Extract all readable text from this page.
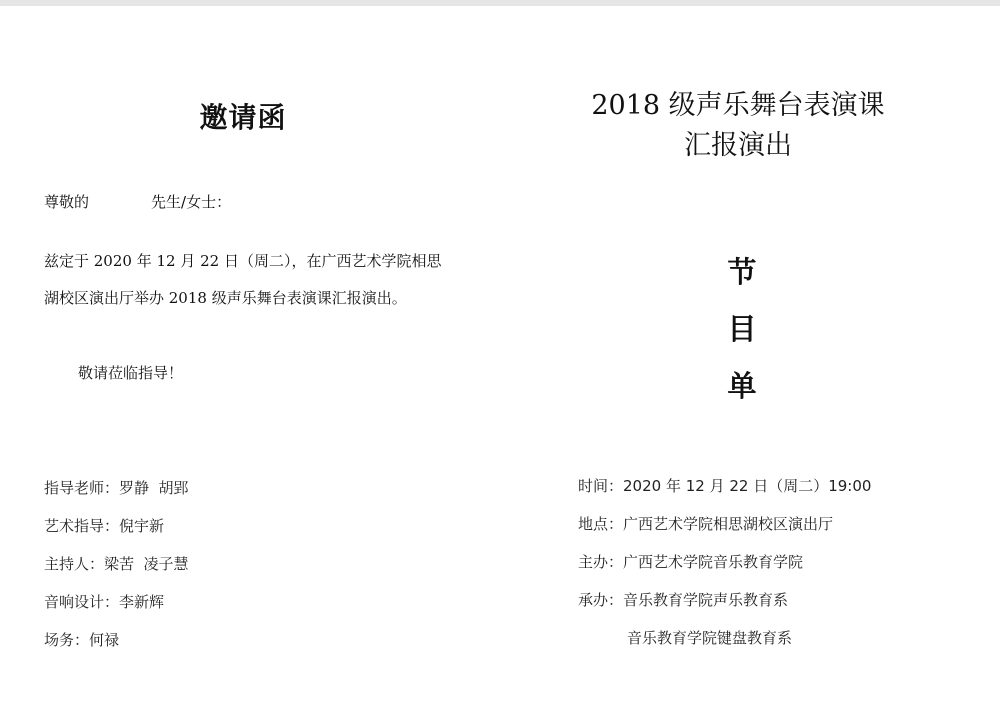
邀请函
尊敬的	先生/女士：
兹定于 2020 年 12 月 22 日（周二），在广西艺术学院相思湖校区演出厅举办 2018 级声乐舞台表演课汇报演出。
敬请莅临指导！
指导老师：罗静  胡郢
艺术指导：倪宇新
主持人：梁苦  凌子慧
音响设计：李新辉
场务：何禄
2018 级声乐舞台表演课
汇报演出
节
目
单
时间：2020 年 12 月 22 日（周二）19:00
地点：广西艺术学院相思湖校区演出厅
主办：广西艺术学院音乐教育学院
承办：音乐教育学院声乐教育系
音乐教育学院键盘教育系
